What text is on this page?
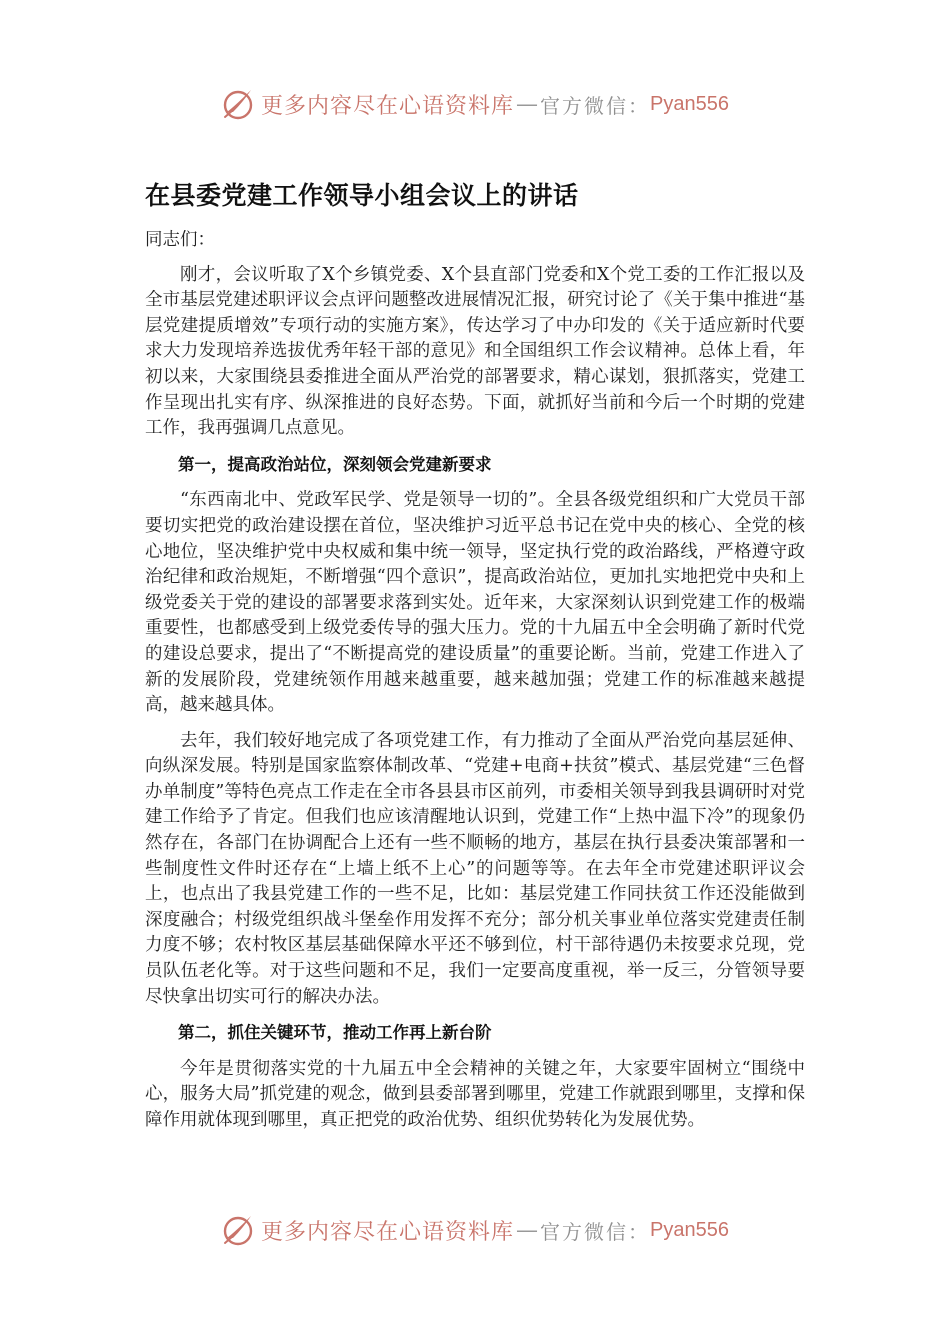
更多内容尽在心语资料库 — 官方微信： Pyan556
在县委党建工作领导小组会议上的讲话

同志们：

刚才，会议听取了X个乡镇党委、X个县直部门党委和X个党工委的工作汇报以及全市基层党建述职评议会点评问题整改进展情况汇报，研究讨论了《关于集中推进“基层党建提质增效”专项行动的实施方案》，传达学习了中办印发的《关于适应新时代要求大力发现培养选拔优秀年轻干部的意见》和全国组织工作会议精神。总体上看，年初以来，大家围绕县委推进全面从严治党的部署要求，精心谋划，狠抓落实，党建工作呈现出扎实有序、纵深推进的良好态势。下面，就抓好当前和今后一个时期的党建工作，我再强调几点意见。

第一，提高政治站位，深刻领会党建新要求

“东西南北中、党政军民学、党是领导一切的”。全县各级党组织和广大党员干部要切实把党的政治建设摆在首位，坚决维护习近平总书记在党中央的核心、全党的核心地位，坚决维护党中央权威和集中统一领导，坚定执行党的政治路线，严格遵守政治纪律和政治规矩，不断增强“四个意识”，提高政治站位，更加扎实地把党中央和上级党委关于党的建设的部署要求落到实处。近年来，大家深刻认识到党建工作的极端重要性，也都感受到上级党委传导的强大压力。党的十九届五中全会明确了新时代党的建设总要求，提出了“不断提高党的建设质量”的重要论断。当前，党建工作进入了新的发展阶段，党建统领作用越来越重要，越来越加强；党建工作的标准越来越提高，越来越具体。

去年，我们较好地完成了各项党建工作，有力推动了全面从严治党向基层延伸、向纵深发展。特别是国家监察体制改革、“党建+电商+扶贫”模式、基层党建“三色督办单制度”等特色亮点工作走在全市各县县市区前列，市委相关领导到我县调研时对党建工作给予了肯定。但我们也应该清醒地认识到，党建工作“上热中温下冷”的现象仍然存在，各部门在协调配合上还有一些不顺畅的地方，基层在执行县委决策部署和一些制度性文件时还存在“上墙上纸不上心”的问题等等。在去年全市党建述职评议会上，也点出了我县党建工作的一些不足，比如：基层党建工作同扶贫工作还没能做到深度融合；村级党组织战斗堡垒作用发挥不充分；部分机关事业单位落实党建责任制力度不够；农村牧区基层基础保障水平还不够到位，村干部待遇仍未按要求兑现，党员队伍老化等。对于这些问题和不足，我们一定要高度重视，举一反三，分管领导要尽快拿出切实可行的解决办法。

第二，抓住关键环节，推动工作再上新台阶

今年是贯彻落实党的十九届五中全会精神的关键之年，大家要牢固树立“围绕中心，服务大局”抓党建的观念，做到县委部署到哪里，党建工作就跟到哪里，支撑和保障作用就体现到哪里，真正把党的政治优势、组织优势转化为发展优势。

更多内容尽在心语资料库 — 官方微信： Pyan556
